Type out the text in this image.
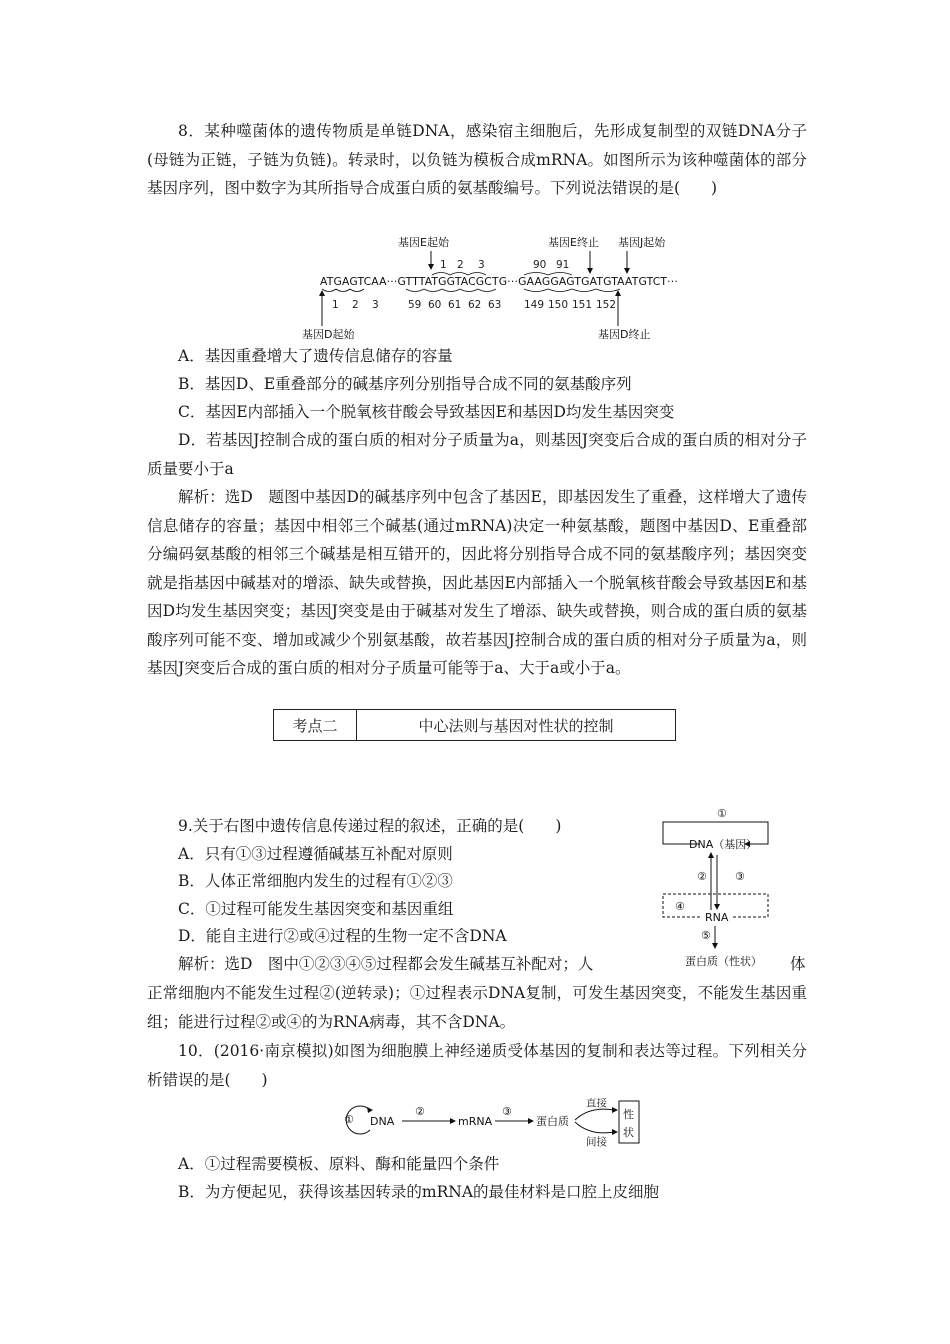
8．某种噬菌体的遗传物质是单链DNA，感染宿主细胞后，先形成复制型的双链DNA分子(母链为正链，子链为负链)。转录时，以负链为模板合成mRNA。如图所示为该种噬菌体的部分基因序列，图中数字为其所指导合成蛋白质的氨基酸编号。下列说法错误的是(　　)

基因E起始	基因E终止 基因J起始
1 2 3	90 91
ATGAGTCAA···GTTTATGGTACGCTG···GAAGGAGTGATGTAATGTCT···
1 2 3	59 60 61 62 63 149 150 151 152
基因D起始	基因D终止

A．基因重叠增大了遗传信息储存的容量

B．基因D、E重叠部分的碱基序列分别指导合成不同的氨基酸序列

C．基因E内部插入一个脱氧核苷酸会导致基因E和基因D均发生基因突变

D．若基因J控制合成的蛋白质的相对分子质量为a，则基因J突变后合成的蛋白质的相对分子质量要小于a

解析：选D　题图中基因D的碱基序列中包含了基因E，即基因发生了重叠，这样增大了遗传信息储存的容量；基因中相邻三个碱基(通过mRNA)决定一种氨基酸，题图中基因D、E重叠部分编码氨基酸的相邻三个碱基是相互错开的，因此将分别指导合成不同的氨基酸序列；基因突变就是指基因中碱基对的增添、缺失或替换，因此基因E内部插入一个脱氧核苷酸会导致基因E和基因D均发生基因突变；基因J突变是由于碱基对发生了增添、缺失或替换，则合成的蛋白质的氨基酸序列可能不变、增加或减少个别氨基酸，故若基因J控制合成的蛋白质的相对分子质量为a，则基因J突变后合成的蛋白质的相对分子质量可能等于a、大于a或小于a。

考点二	中心法则与基因对性状的控制

9.关于右图中遗传信息传递过程的叙述，正确的是(　　)

A．只有①③过程遵循碱基互补配对原则

B．人体正常细胞内发生的过程有①②③

C．①过程可能发生基因突变和基因重组

D．能自主进行②或④过程的生物一定不含DNA

①
DNA（基因）
②	③
④
RNA
⑤
蛋白质（性状）

解析：选D　图中①②③④⑤过程都会发生碱基互补配对；人	体

正常细胞内不能发生过程②(逆转录)；①过程表示DNA复制，可发生基因突变，不能发生基因重组；能进行过程②或④的为RNA病毒，其不含DNA。

10．(2016·南京模拟)如图为细胞膜上神经递质受体基因的复制和表达等过程。下列相关分析错误的是(　　)

① DNA
②
mRNA
③
蛋白质
直接
间接
性
状

A．①过程需要模板、原料、酶和能量四个条件

B．为方便起见，获得该基因转录的mRNA的最佳材料是口腔上皮细胞
